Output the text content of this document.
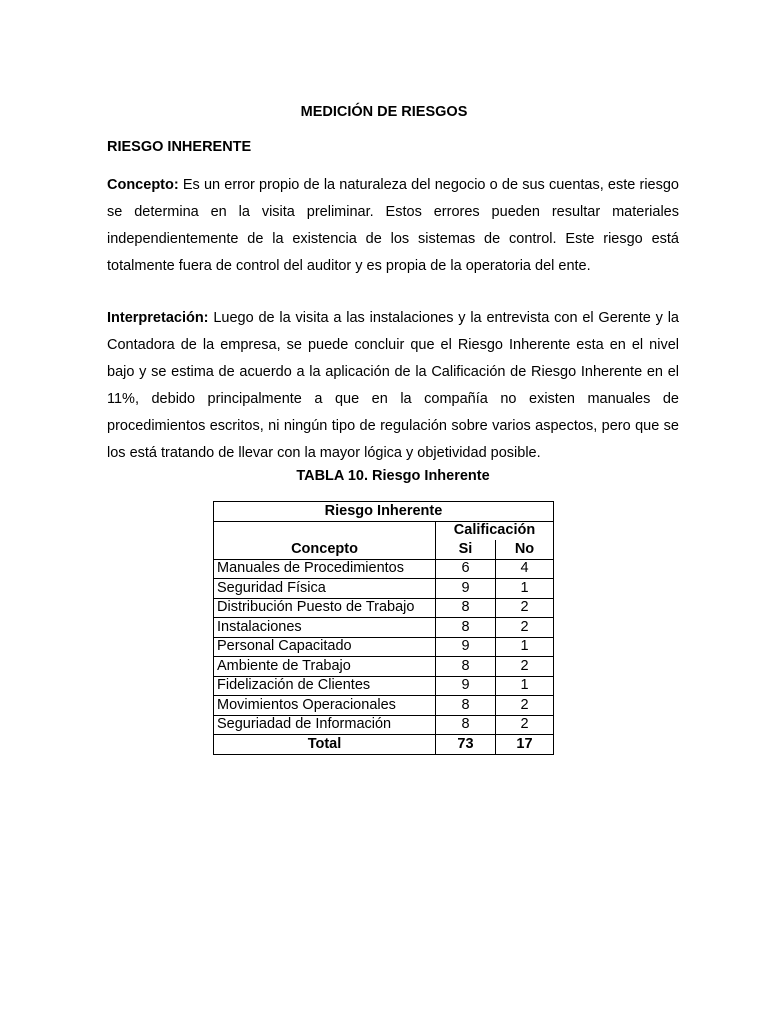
MEDICIÓN DE RIESGOS
RIESGO INHERENTE

Concepto: Es un error propio de la naturaleza del negocio o de sus cuentas, este riesgo se determina en la visita preliminar. Estos errores pueden resultar materiales independientemente de la existencia de los sistemas de control. Este riesgo está totalmente fuera de control del auditor y es propia de la operatoria del ente.

Interpretación: Luego de la visita a las instalaciones y la entrevista con el Gerente y la Contadora de la empresa, se puede concluir que el Riesgo Inherente esta en el nivel bajo y se estima de acuerdo a la aplicación de la Calificación de Riesgo Inherente en el 11%, debido principalmente a que en la compañía no existen manuales de procedimientos escritos, ni ningún tipo de regulación sobre varios aspectos, pero que se los está tratando de llevar con la mayor lógica y objetividad posible.

TABLA 10. Riesgo Inherente
Riesgo Inherente		
	Calificación	
Concepto	Si	No
Manuales de Procedimientos	6	4
Seguridad Física	9	1
Distribución Puesto de Trabajo	8	2
Instalaciones	8	2
Personal Capacitado	9	1
Ambiente de Trabajo	8	2
Fidelización de Clientes	9	1
Movimientos Operacionales	8	2
Seguriadad de Información	8	2
Total	73	17
